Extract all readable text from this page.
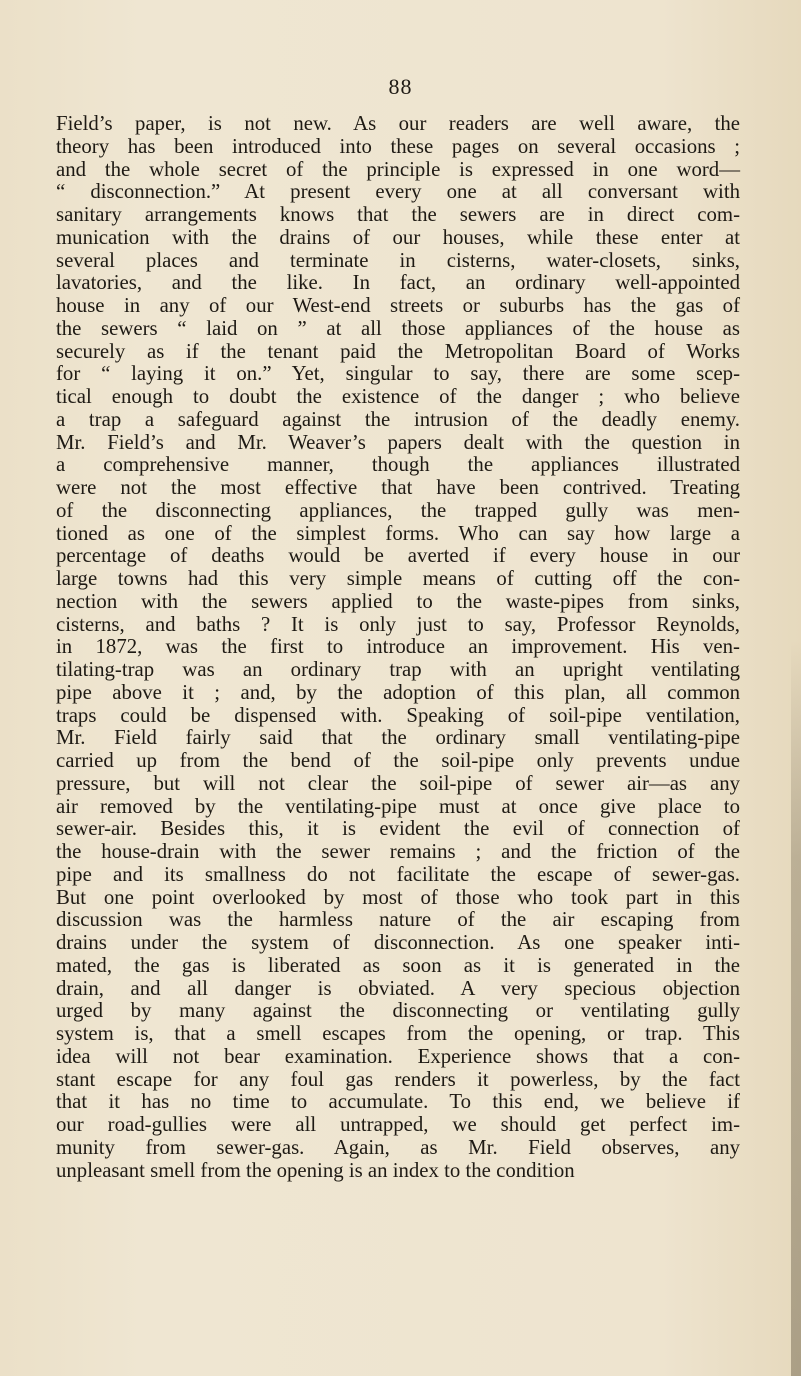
88
Field’s paper, is not new. As our readers are well aware, the
theory has been introduced into these pages on several occasions ;
and the whole secret of the principle is expressed in one word—
“ disconnection.” At present every one at all conversant with
sanitary arrangements knows that the sewers are in direct com-
munication with the drains of our houses, while these enter at
several places and terminate in cisterns, water-closets, sinks,
lavatories, and the like. In fact, an ordinary well-appointed
house in any of our West-end streets or suburbs has the gas of
the sewers “ laid on ” at all those appliances of the house as
securely as if the tenant paid the Metropolitan Board of Works
for “ laying it on.” Yet, singular to say, there are some scep-
tical enough to doubt the existence of the danger ; who believe
a trap a safeguard against the intrusion of the deadly enemy.
Mr. Field’s and Mr. Weaver’s papers dealt with the question in
a comprehensive manner, though the appliances illustrated
were not the most effective that have been contrived. Treating
of the disconnecting appliances, the trapped gully was men-
tioned as one of the simplest forms. Who can say how large a
percentage of deaths would be averted if every house in our
large towns had this very simple means of cutting off the con-
nection with the sewers applied to the waste-pipes from sinks,
cisterns, and baths ? It is only just to say, Professor Reynolds,
in 1872, was the first to introduce an improvement. His ven-
tilating-trap was an ordinary trap with an upright ventilating
pipe above it ; and, by the adoption of this plan, all common
traps could be dispensed with. Speaking of soil-pipe ventilation,
Mr. Field fairly said that the ordinary small ventilating-pipe
carried up from the bend of the soil-pipe only prevents undue
pressure, but will not clear the soil-pipe of sewer air—as any
air removed by the ventilating-pipe must at once give place to
sewer-air. Besides this, it is evident the evil of connection of
the house-drain with the sewer remains ; and the friction of the
pipe and its smallness do not facilitate the escape of sewer-gas.
But one point overlooked by most of those who took part in this
discussion was the harmless nature of the air escaping from
drains under the system of disconnection. As one speaker inti-
mated, the gas is liberated as soon as it is generated in the
drain, and all danger is obviated. A very specious objection
urged by many against the disconnecting or ventilating gully
system is, that a smell escapes from the opening, or trap. This
idea will not bear examination. Experience shows that a con-
stant escape for any foul gas renders it powerless, by the fact
that it has no time to accumulate. To this end, we believe if
our road-gullies were all untrapped, we should get perfect im-
munity from sewer-gas. Again, as Mr. Field observes, any
unpleasant smell from the opening is an index to the condition
